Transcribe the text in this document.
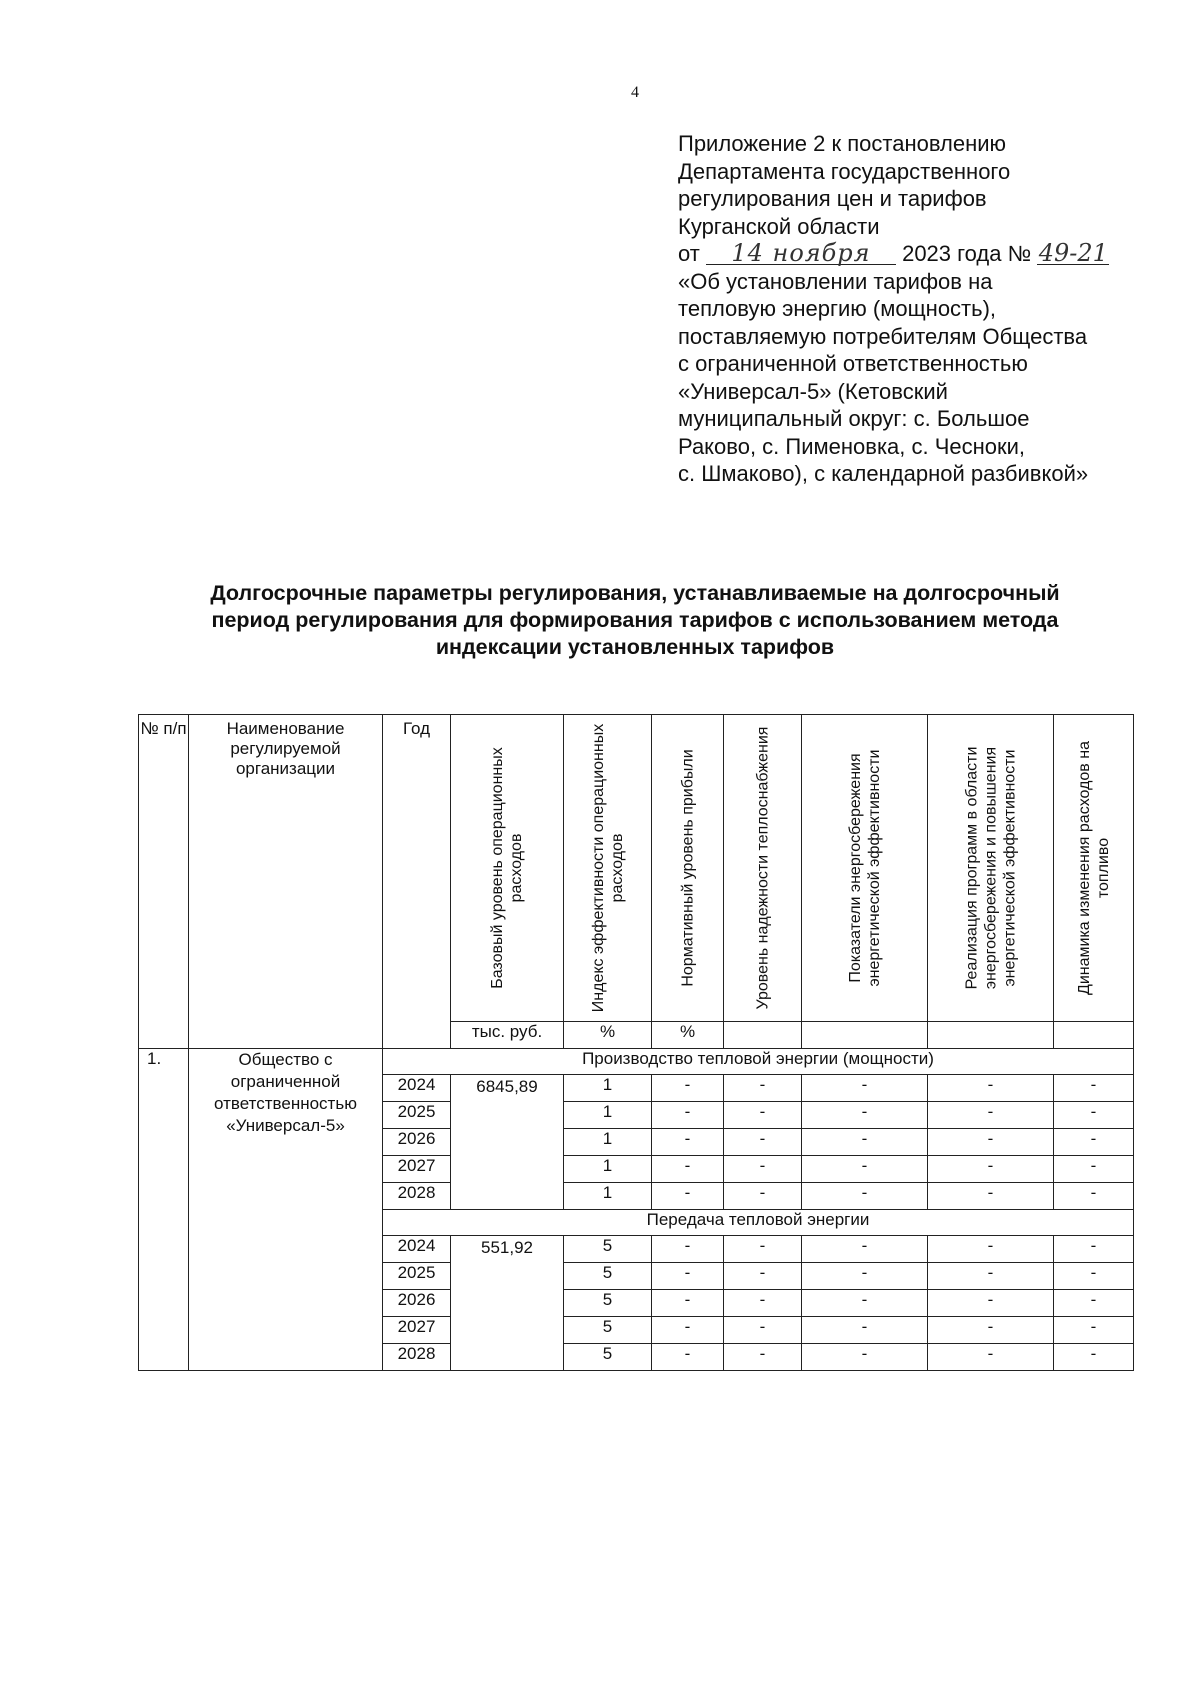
4
Приложение 2 к постановлению
Департамента государственного
регулирования цен и тарифов
Курганской области
от 14 ноября 2023 года № 49-21
«Об установлении тарифов на
тепловую энергию (мощность),
поставляемую потребителям Общества
с ограниченной ответственностью
«Универсал-5» (Кетовский
муниципальный округ: с. Большое
Раково, с. Пименовка, с. Чесноки,
с. Шмаково), с календарной разбивкой»
Долгосрочные параметры регулирования, устанавливаемые на долгосрочный
период регулирования для формирования тарифов с использованием метода
индексации установленных тарифов
№ п/п	Наименование регулируемой организации	Год	Базовый уровень операционных расходов	Индекс эффективности операционных расходов	Нормативный уровень прибыли	Уровень надежности теплоснабжения	Показатели энергосбережения энергетической эффективности	Реализация программ в области энергосбережения и повышения энергетической эффективности	Динамика изменения расходов на топливо

			тыс. руб.	%	%				
1.	Общество с ограниченной ответственностью «Универсал-5»	Производство тепловой энергии (мощности)							
		2024	6845,89	1	-	-	-	-	-
		2025		1	-	-	-	-	-
		2026		1	-	-	-	-	-
		2027		1	-	-	-	-	-
		2028		1	-	-	-	-	-
		Передача тепловой энергии							
		2024	551,92	5	-	-	-	-	-
		2025		5	-	-	-	-	-
		2026		5	-	-	-	-	-
		2027		5	-	-	-	-	-
		2028		5	-	-	-	-	-
